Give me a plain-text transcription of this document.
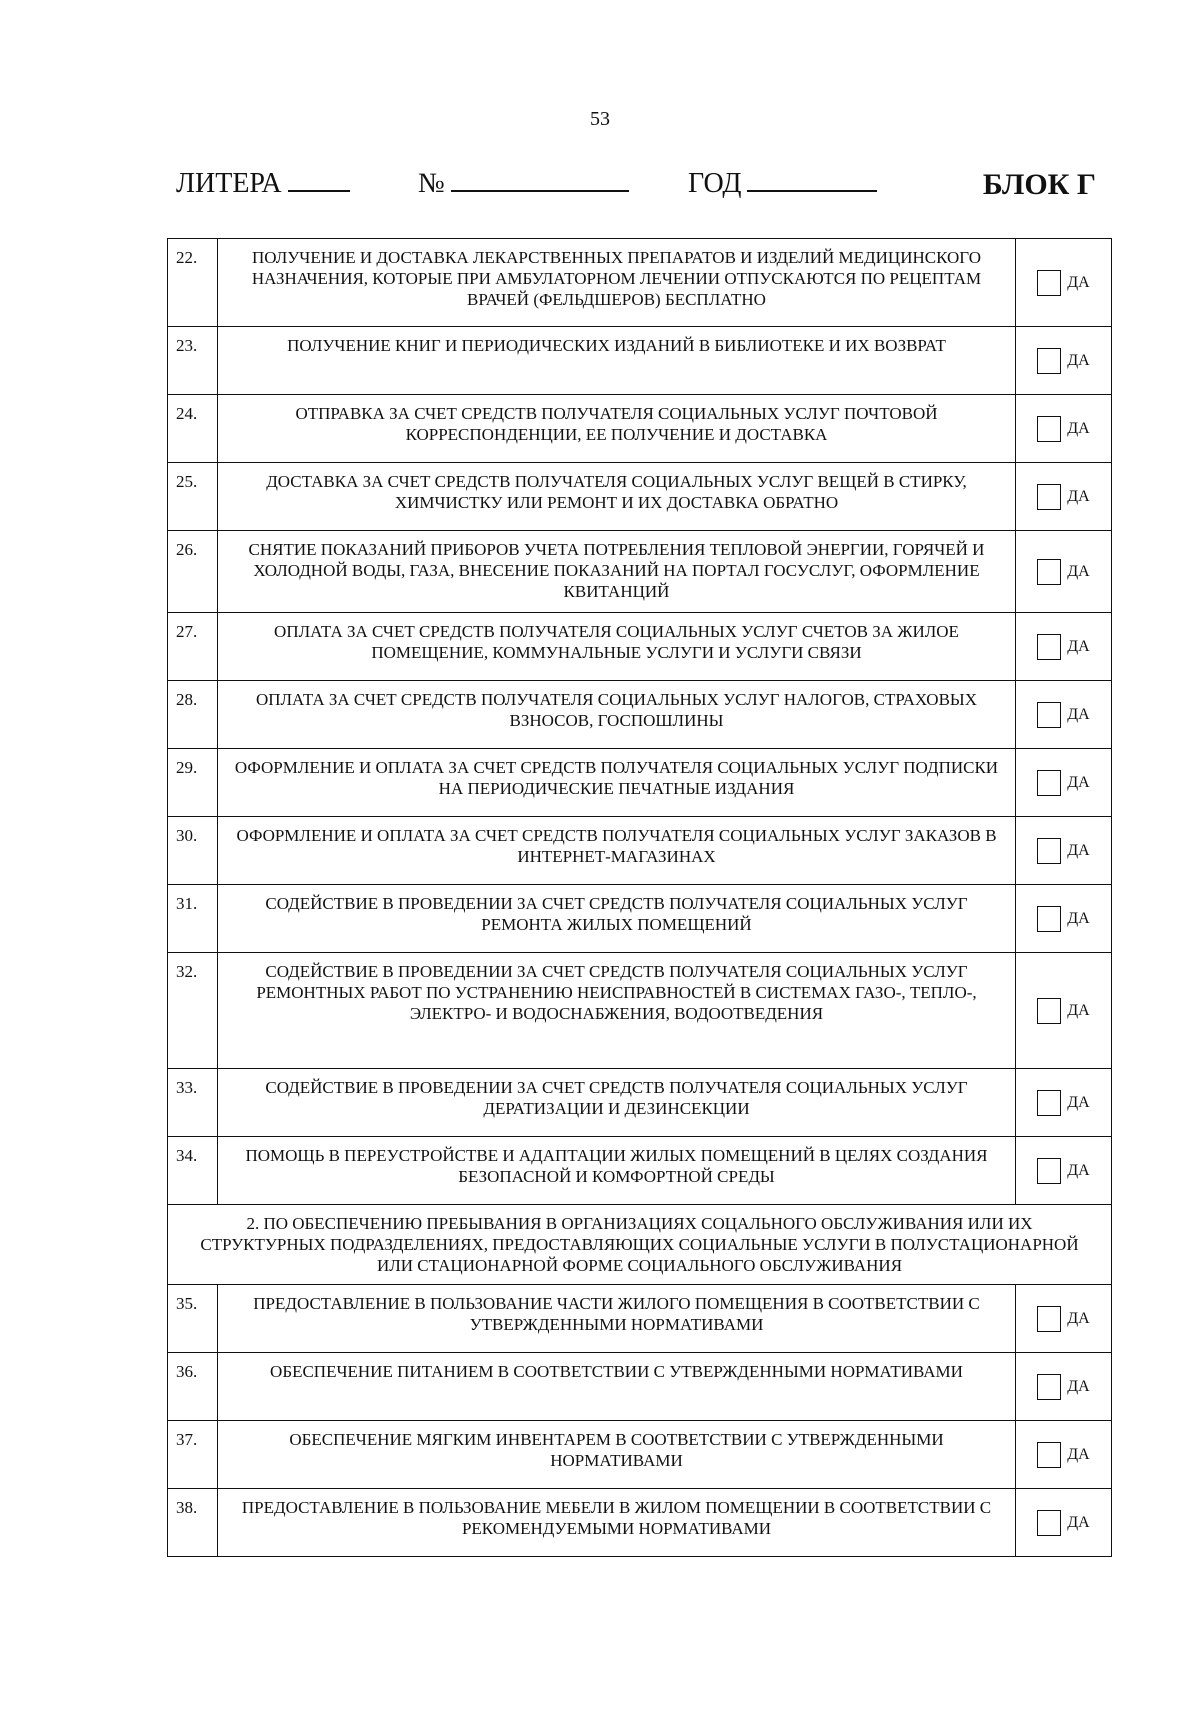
53
ЛИТЕРА	№	ГОД	БЛОК Г
22.	ПОЛУЧЕНИЕ И ДОСТАВКА ЛЕКАРСТВЕННЫХ ПРЕПАРАТОВ И ИЗДЕЛИЙ МЕДИЦИНСКОГО НАЗНАЧЕНИЯ, КОТОРЫЕ ПРИ АМБУЛАТОРНОМ ЛЕЧЕНИИ ОТПУСКАЮТСЯ ПО РЕЦЕПТАМ ВРАЧЕЙ (ФЕЛЬДШЕРОВ) БЕСПЛАТНО	ДА

23.	ПОЛУЧЕНИЕ КНИГ И ПЕРИОДИЧЕСКИХ ИЗДАНИЙ В БИБЛИОТЕКЕ И ИХ ВОЗВРАТ	ДА

24.	ОТПРАВКА ЗА СЧЕТ СРЕДСТВ ПОЛУЧАТЕЛЯ СОЦИАЛЬНЫХ УСЛУГ ПОЧТОВОЙ КОРРЕСПОНДЕНЦИИ, ЕЕ ПОЛУЧЕНИЕ И ДОСТАВКА	ДА

25.	ДОСТАВКА ЗА СЧЕТ СРЕДСТВ ПОЛУЧАТЕЛЯ СОЦИАЛЬНЫХ УСЛУГ ВЕЩЕЙ В СТИРКУ, ХИМЧИСТКУ ИЛИ РЕМОНТ И ИХ ДОСТАВКА ОБРАТНО	ДА

26.	СНЯТИЕ ПОКАЗАНИЙ ПРИБОРОВ УЧЕТА ПОТРЕБЛЕНИЯ ТЕПЛОВОЙ ЭНЕРГИИ, ГОРЯЧЕЙ И ХОЛОДНОЙ ВОДЫ, ГАЗА, ВНЕСЕНИЕ ПОКАЗАНИЙ НА ПОРТАЛ ГОСУСЛУГ, ОФОРМЛЕНИЕ КВИТАНЦИЙ	ДА

27.	ОПЛАТА ЗА СЧЕТ СРЕДСТВ ПОЛУЧАТЕЛЯ СОЦИАЛЬНЫХ УСЛУГ СЧЕТОВ ЗА ЖИЛОЕ ПОМЕЩЕНИЕ, КОММУНАЛЬНЫЕ УСЛУГИ И УСЛУГИ СВЯЗИ	ДА

28.	ОПЛАТА ЗА СЧЕТ СРЕДСТВ ПОЛУЧАТЕЛЯ СОЦИАЛЬНЫХ УСЛУГ НАЛОГОВ, СТРАХОВЫХ ВЗНОСОВ, ГОСПОШЛИНЫ	ДА

29.	ОФОРМЛЕНИЕ И ОПЛАТА ЗА СЧЕТ СРЕДСТВ ПОЛУЧАТЕЛЯ СОЦИАЛЬНЫХ УСЛУГ ПОДПИСКИ НА ПЕРИОДИЧЕСКИЕ ПЕЧАТНЫЕ ИЗДАНИЯ	ДА

30.	ОФОРМЛЕНИЕ И ОПЛАТА ЗА СЧЕТ СРЕДСТВ ПОЛУЧАТЕЛЯ СОЦИАЛЬНЫХ УСЛУГ ЗАКАЗОВ В ИНТЕРНЕТ-МАГАЗИНАХ	ДА

31.	СОДЕЙСТВИЕ В ПРОВЕДЕНИИ ЗА СЧЕТ СРЕДСТВ ПОЛУЧАТЕЛЯ СОЦИАЛЬНЫХ УСЛУГ РЕМОНТА ЖИЛЫХ ПОМЕЩЕНИЙ	ДА

32.	СОДЕЙСТВИЕ В ПРОВЕДЕНИИ ЗА СЧЕТ СРЕДСТВ ПОЛУЧАТЕЛЯ СОЦИАЛЬНЫХ УСЛУГ РЕМОНТНЫХ РАБОТ ПО УСТРАНЕНИЮ НЕИСПРАВНОСТЕЙ В СИСТЕМАХ ГАЗО-, ТЕПЛО-, ЭЛЕКТРО- И ВОДОСНАБЖЕНИЯ, ВОДООТВЕДЕНИЯ	ДА

33.	СОДЕЙСТВИЕ В ПРОВЕДЕНИИ ЗА СЧЕТ СРЕДСТВ ПОЛУЧАТЕЛЯ СОЦИАЛЬНЫХ УСЛУГ ДЕРАТИЗАЦИИ И ДЕЗИНСЕКЦИИ	ДА

34.	ПОМОЩЬ В ПЕРЕУСТРОЙСТВЕ И АДАПТАЦИИ ЖИЛЫХ ПОМЕЩЕНИЙ В ЦЕЛЯХ СОЗДАНИЯ БЕЗОПАСНОЙ И КОМФОРТНОЙ СРЕДЫ	ДА

2. ПО ОБЕСПЕЧЕНИЮ ПРЕБЫВАНИЯ В ОРГАНИЗАЦИЯХ СОЦАЛЬНОГО ОБСЛУЖИВАНИЯ ИЛИ ИХ СТРУКТУРНЫХ ПОДРАЗДЕЛЕНИЯХ, ПРЕДОСТАВЛЯЮЩИХ СОЦИАЛЬНЫЕ УСЛУГИ В ПОЛУСТАЦИОНАРНОЙ ИЛИ СТАЦИОНАРНОЙ ФОРМЕ СОЦИАЛЬНОГО ОБСЛУЖИВАНИЯ		
35.	ПРЕДОСТАВЛЕНИЕ В ПОЛЬЗОВАНИЕ ЧАСТИ ЖИЛОГО ПОМЕЩЕНИЯ В СООТВЕТСТВИИ С УТВЕРЖДЕННЫМИ НОРМАТИВАМИ	ДА

36.	ОБЕСПЕЧЕНИЕ ПИТАНИЕМ В СООТВЕТСТВИИ С УТВЕРЖДЕННЫМИ НОРМАТИВАМИ	ДА

37.	ОБЕСПЕЧЕНИЕ МЯГКИМ ИНВЕНТАРЕМ В СООТВЕТСТВИИ С УТВЕРЖДЕННЫМИ НОРМАТИВАМИ	ДА

38.	ПРЕДОСТАВЛЕНИЕ В ПОЛЬЗОВАНИЕ МЕБЕЛИ В ЖИЛОМ ПОМЕЩЕНИИ В СООТВЕТСТВИИ С РЕКОМЕНДУЕМЫМИ НОРМАТИВАМИ	ДА
